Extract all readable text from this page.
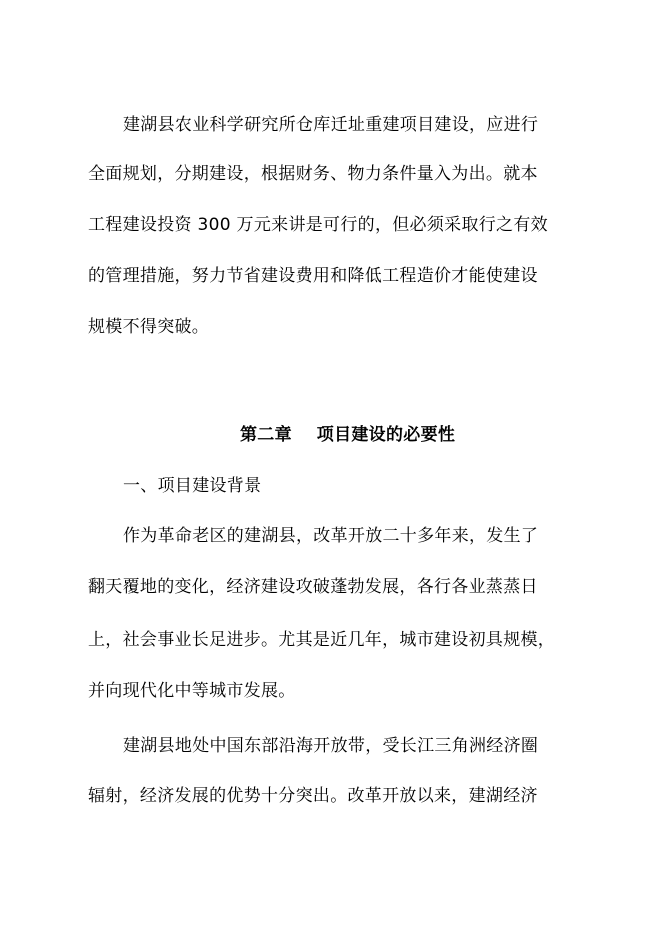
建湖县农业科学研究所仓库迁址重建项目建设，应进行
全面规划，分期建设，根据财务、物力条件量入为出。就本
工程建设投资 300 万元来讲是可行的，但必须采取行之有效
的管理措施，努力节省建设费用和降低工程造价才能使建设
规模不得突破。
第二章    项目建设的必要性
一、项目建设背景
作为革命老区的建湖县，改革开放二十多年来，发生了
翻天覆地的变化，经济建设攻破蓬勃发展，各行各业蒸蒸日
上，社会事业长足进步。尤其是近几年，城市建设初具规模，
并向现代化中等城市发展。
建湖县地处中国东部沿海开放带，受长江三角洲经济圈
辐射，经济发展的优势十分突出。改革开放以来，建湖经济
